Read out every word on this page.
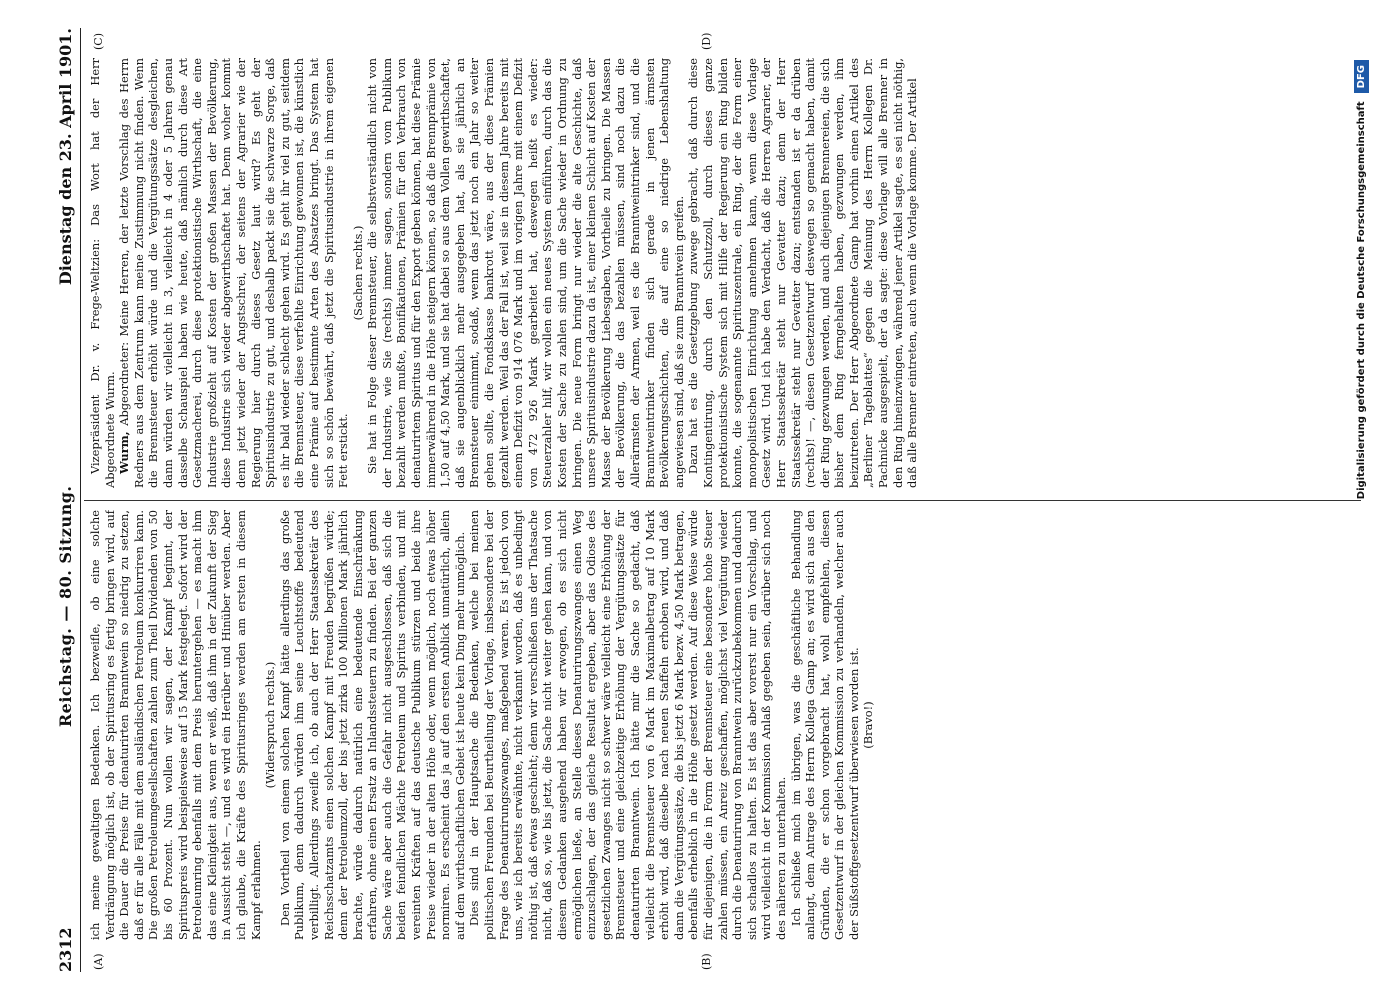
2312
Reichstag. — 80. Sitzung.
Dienstag den 23. April 1901.
(A)	(B)
(C)	(D)

ich meine gewaltigen Bedenken. Ich bezweifle, ob eine solche Verdrängung möglich ist, ob der Spiritusring es fertig bringen wird, auf die Dauer die Preise für denaturirten Branntwein so niedrig zu setzen, daß er für alle Fälle mit dem ausländischen Petroleum konkurriren kann. Die großen Petroleumgesellschaften zahlen zum Theil Dividenden von 50 bis 60 Prozent. Nun wollen wir sagen, der Kampf beginnt, der Spirituspreis wird beispielsweise auf 15 Mark festgelegt. Sofort wird der Petroleumring ebenfalls mit dem Preis heruntergehen — es macht ihm das eine Kleinigkeit aus, wenn er weiß, daß ihm in der Zukunft der Sieg in Aussicht steht —, und es wird ein Herüber und Hinüber werden. Aber ich glaube, die Kräfte des Spiritusringes werden am ersten in diesem Kampf erlahmen.

(Widerspruch rechts.) Den Vortheil von einem solchen Kampf hätte allerdings das große Publikum, denn dadurch würden ihm seine Leuchtstoffe bedeutend verbilligt. Allerdings zweifle ich, ob auch der Herr Staatssekretär des Reichsschatzamts einen solchen Kampf mit Freuden begrüßen würde; denn der Petroleumzoll, der bis jetzt zirka 100 Millionen Mark jährlich brachte, würde dadurch natürlich eine bedeutende Einschränkung erfahren, ohne einen Ersatz an Inlandssteuern zu finden. Bei der ganzen Sache wäre aber auch die Gefahr nicht ausgeschlossen, daß sich die beiden feindlichen Mächte Petroleum und Spiritus verbinden, und mit vereinten Kräften auf das deutsche Publikum stürzen und beide ihre Preise wieder in der alten Höhe oder, wenn möglich, noch etwas höher normiren. Es erscheint das ja auf den ersten Anblick unnatürlich, allein auf dem wirthschaftlichen Gebiet ist heute kein Ding mehr unmöglich. Dies sind in der Hauptsache die Bedenken, welche bei meinen politischen Freunden bei Beurtheilung der Vorlage, insbesondere bei der Frage des Denaturirungszwanges, maßgebend waren. Es ist jedoch von uns, wie ich bereits erwähnte, nicht verkannt worden, daß es unbedingt nöthig ist, daß etwas geschieht; denn wir verschließen uns der Thatsache nicht, daß so, wie bis jetzt, die Sache nicht weiter gehen kann, und von diesem Gedanken ausgehend haben wir erwogen, ob es sich nicht ermöglichen ließe, an Stelle dieses Denaturirungszwanges einen Weg einzuschlagen, der das gleiche Resultat ergeben, aber das Odiose des gesetzlichen Zwanges nicht so schwer wäre vielleicht eine Erhöhung der Brennsteuer und eine gleichzeitige Erhöhung der Vergütungssätze für denaturirten Branntwein. Ich hätte mir die Sache so gedacht, daß vielleicht die Brennsteuer von 6 Mark im Maximalbetrag auf 10 Mark erhöht wird, daß dieselbe nach neuen Staffeln erhoben wird, und daß dann die Vergütungssätze, die bis jetzt 6 Mark bezw. 4,50 Mark betragen, ebenfalls erheblich in die Höhe gesetzt werden. Auf diese Weise würde für diejenigen, die in Form der Brennsteuer eine besondere hohe Steuer zahlen müssen, ein Anreiz geschaffen, möglichst viel Vergütung wieder durch die Denaturirung von Branntwein zurückzubekommen und dadurch sich schadlos zu halten. Es ist das aber vorerst nur ein Vorschlag, und wird vielleicht in der Kommission Anlaß gegeben sein, darüber sich noch des näheren zu unterhalten. Ich schließe mich im übrigen, was die geschäftliche Behandlung anlangt, dem Antrage des Herrn Kollega Gamp an; es wird sich aus den Gründen, die er schon vorgebracht hat, wohl empfehlen, diesen Gesetzentwurf in der gleichen Kommission zu verhandeln, welcher auch der Süßstoffgesetzentwurf überwiesen worden ist. (Bravo!)

Vizepräsident Dr. v. Frege-Weltzien: Das Wort hat der Herr Abgeordnete Wurm. Wurm, Abgeordneter: Meine Herren, der letzte Vorschlag des Herrn Redners aus dem Zentrum kann meine Zustimmung nicht finden. Wenn die Brennsteuer erhöht würde und die Vergütungssätze desgleichen, dann würden wir vielleicht in 3, vielleicht in 4 oder 5 Jahren genau dasselbe Schauspiel haben wie heute, daß nämlich durch diese Art Gesetzmacherei, durch diese protektionistische Wirthschaft, die eine Industrie großzieht auf Kosten der großen Massen der Bevölkerung, diese Industrie sich wieder abgewirthschaftet hat. Denn woher kommt denn jetzt wieder der Angstschrei, der seitens der Agrarier wie der Regierung hier durch dieses Gesetz laut wird? Es geht der Spiritusindustrie zu gut, und deshalb packt sie die schwarze Sorge, daß es ihr bald wieder schlecht gehen wird. Es geht ihr viel zu gut, seitdem die Brennsteuer, diese verfehlte Einrichtung gewonnen ist, die künstlich eine Prämie auf bestimmte Arten des Absatzes bringt. Das System hat sich so schön bewährt, daß jetzt die Spiritusindustrie in ihrem eigenen Fett erstickt.

(Sachen rechts.) Sie hat in Folge dieser Brennsteuer, die selbstverständlich nicht von der Industrie, wie Sie (rechts) immer sagen, sondern vom Publikum bezahlt werden mußte, Bonifikationen, Prämien für den Verbrauch von denaturirtem Spiritus und für den Export geben können, hat diese Prämie immerwährend in die Höhe steigern können, so daß die Brennprämie von 1,50 auf 4,50 Mark, und sie hat dabei so aus dem Vollen gewirthschaftet, daß sie augenblicklich mehr ausgegeben hat, als sie jährlich an Brennsteuer einnimmt, sodaß, wenn das jetzt noch ein Jahr so weiter gehen sollte, die Fondskasse bankrott wäre, aus der diese Prämien gezahlt werden. Weil das der Fall ist, weil sie in diesem Jahre bereits mit einem Defizit von 914 076 Mark und im vorigen Jahre mit einem Defizit von 472 926 Mark gearbeitet hat, deswegen heißt es wieder: Steuerzahler hilf, wir wollen ein neues System einführen, durch das die Kosten der Sache zu zahlen sind, um die Sache wieder in Ordnung zu bringen. Die neue Form bringt nur wieder die alte Geschichte, daß unsere Spiritusindustrie dazu da ist, einer kleinen Schicht auf Kosten der Masse der Bevölkerung Liebesgaben, Vortheile zu bringen. Die Massen der Bevölkerung, die das bezahlen müssen, sind noch dazu die Allerärmsten der Armen, weil es die Branntweintrinker sind, und die Branntweintrinker finden sich gerade in jenen ärmsten Bevölkerungsschichten, die auf eine so niedrige Lebenshaltung angewiesen sind, daß sie zum Branntwein greifen. Dazu hat es die Gesetzgebung zuwege gebracht, daß durch diese Kontingentirung, durch den Schutzzoll, durch dieses ganze protektionistische System sich mit Hilfe der Regierung ein Ring bilden konnte, die sogenannte Spirituszentrale, ein Ring, der die Form einer monopolistischen Einrichtung annehmen kann, wenn diese Vorlage Gesetz wird. Und ich habe den Verdacht, daß die Herren Agrarier, der Herr Staatssekretär steht nur Gevatter dazu; denn der Herr Staatssekretär steht nur Gevatter dazu; entstanden ist er da drüben (rechts)! —, diesen Gesetzentwurf deswegen so gemacht haben, damit der Ring gezwungen werden, und auch diejenigen Brennereien, die sich bisher dem Ring ferngehalten haben, gezwungen werden, ihm beizutreten. Der Herr Abgeordnete Gamp hat vorhin einen Artikel des „Berliner Tageblattes“ gegen die Meinung des Herrn Kollegen Dr. Pachnicke ausgespielt, der da sagte: diese Vorlage will alle Brenner in den Ring hineinzwingen, während jener Artikel sagte, es sei nicht nöthig, daß alle Brenner eintreten, auch wenn die Vorlage komme. Der Artikel	Digitalisierung gefördert durch die Deutsche Forschungsgemeinschaft
DFG
